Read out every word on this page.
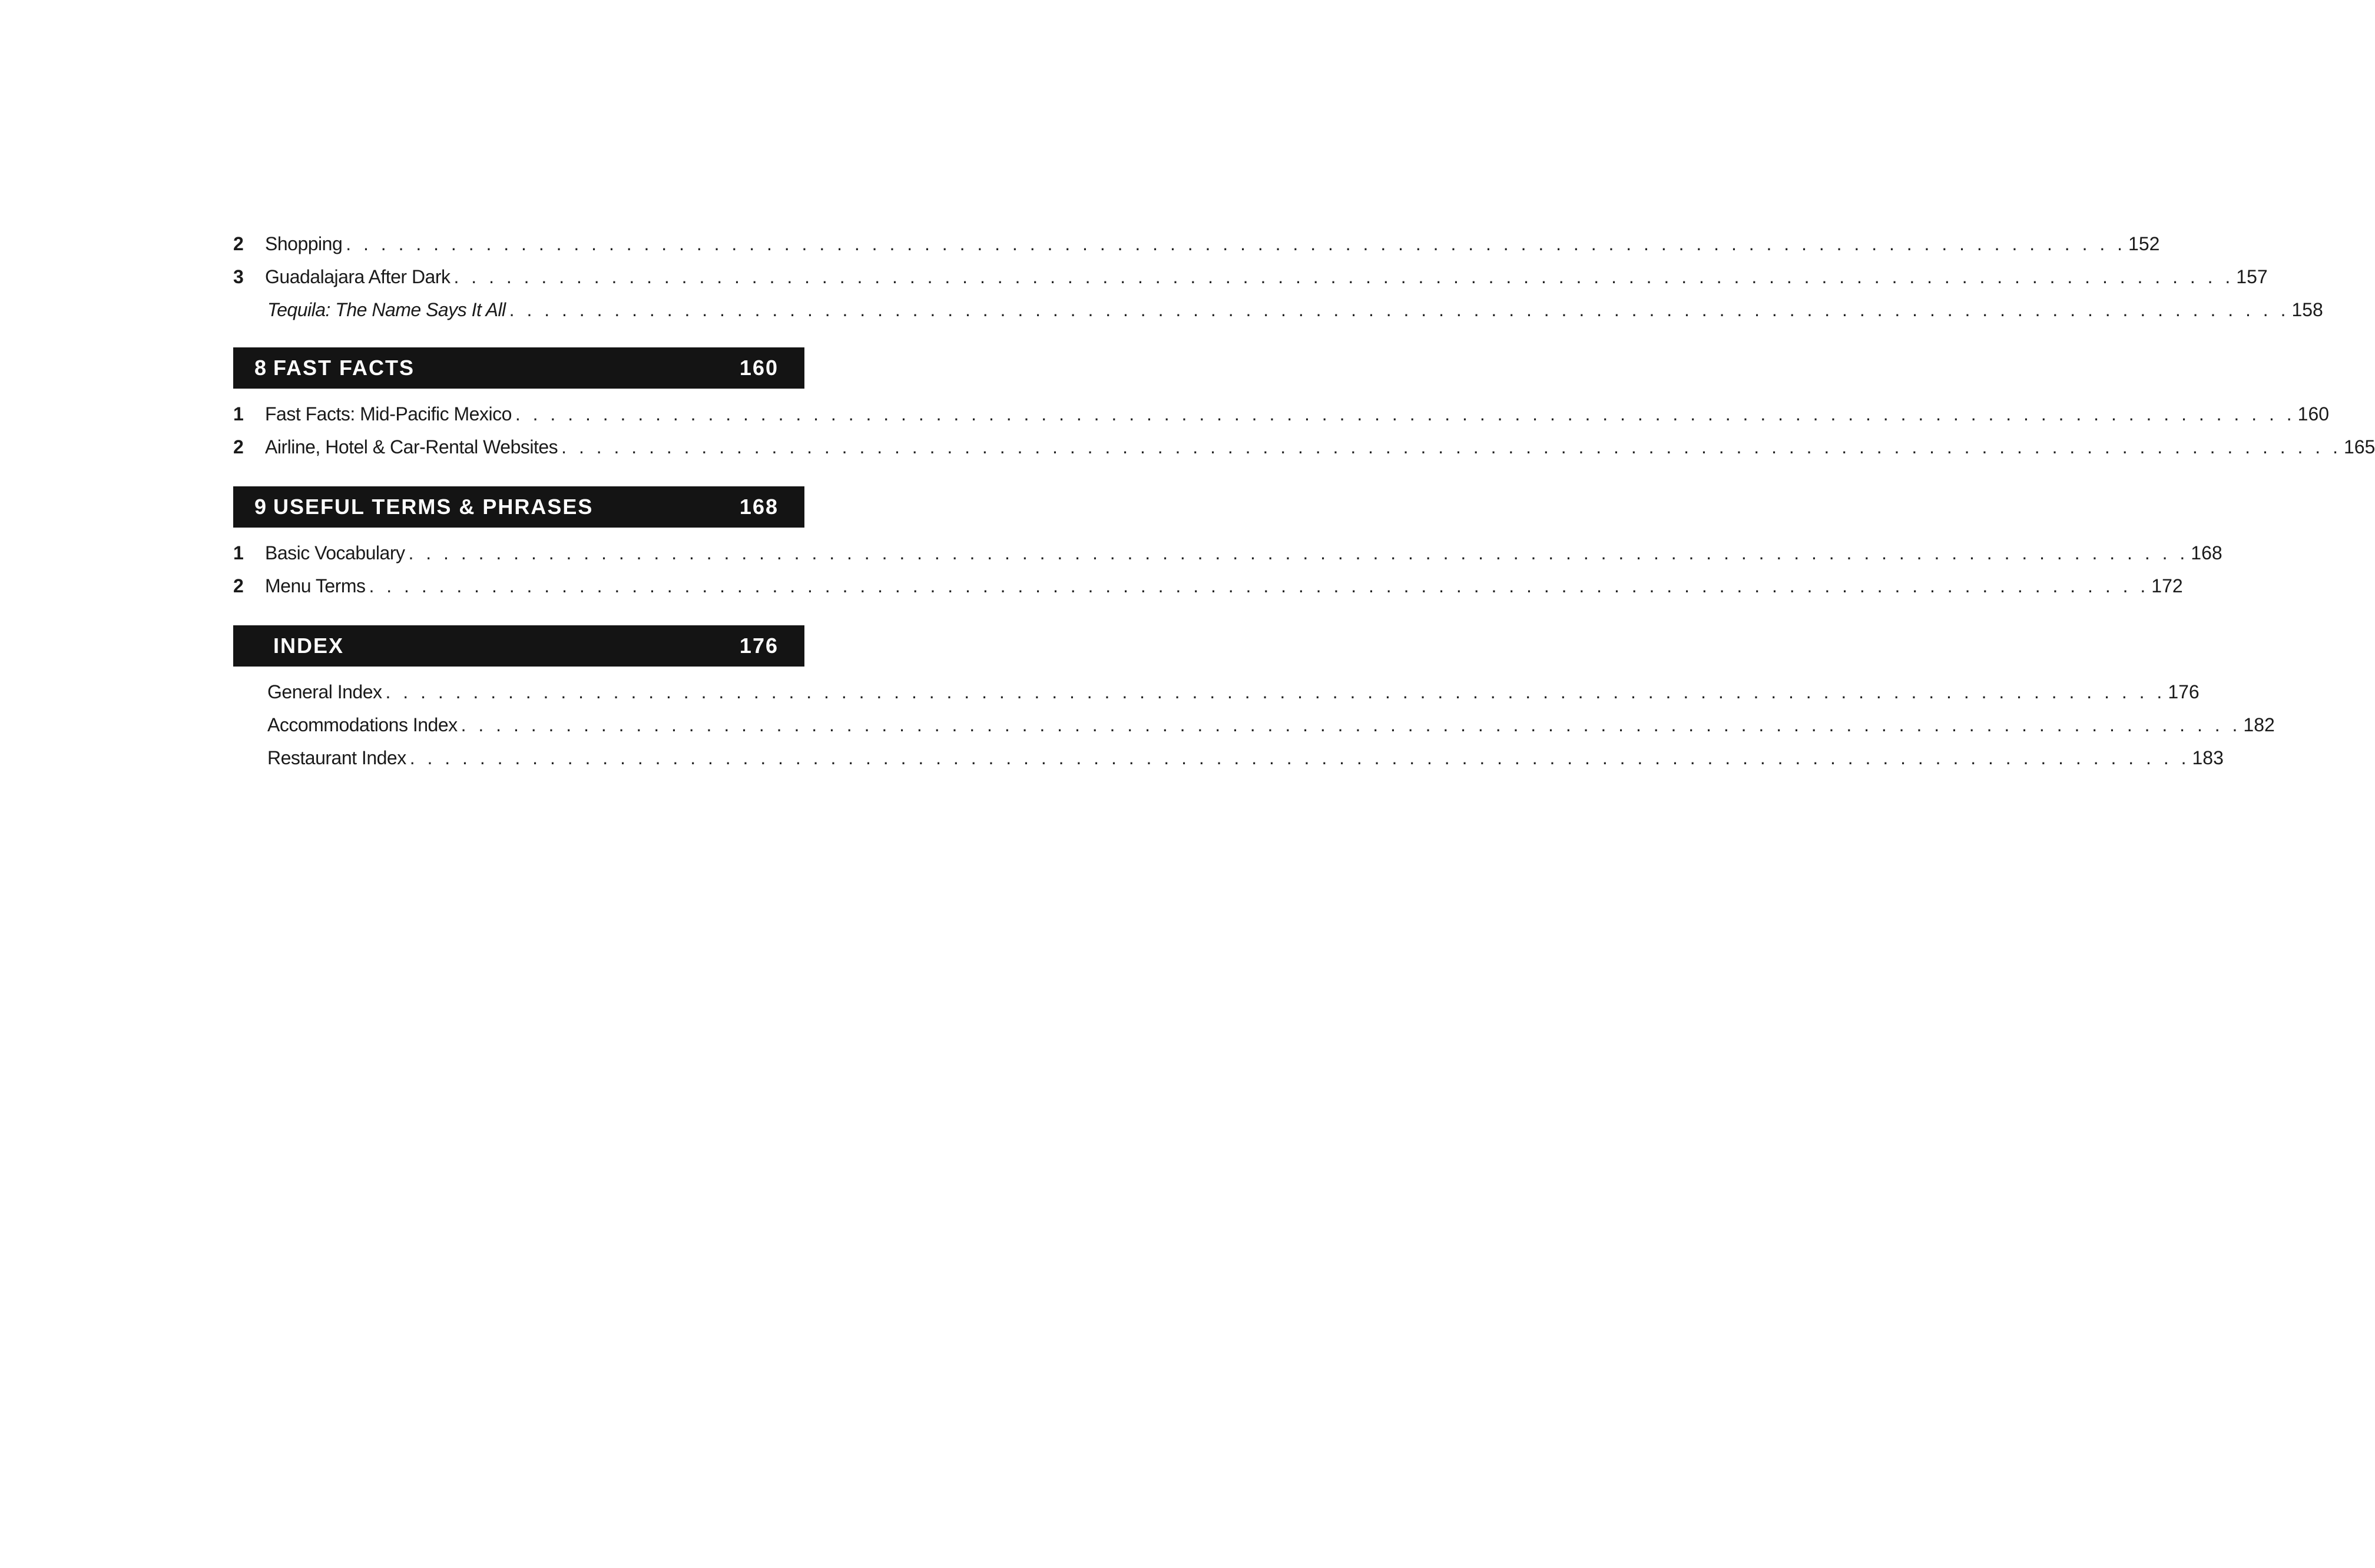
2	Shopping . . . . . . . . . . . . . . . . . . . . . . . . . . . . . . . . . . . . . . . . . . . . . . . . . . . . . . . . . . . . . . . . . . . . . . . . . . . . . . . . . . . . . . . . . . . . . . . . . . . . . . 152
3	Guadalajara After Dark . . . . . . . . . . . . . . . . . . . . . . . . . . . . . . . . . . . . . . . . . . . . . . . . . . . . . . . . . . . . . . . . . . . . . . . . . . . . . . . . . . . . . . . . . . . . . . . . . . . . . . 157
Tequila: The Name Says It All . . . . . . . . . . . . . . . . . . . . . . . . . . . . . . . . . . . . . . . . . . . . . . . . . . . . . . . . . . . . . . . . . . . . . . . . . . . . . . . . . . . . . . . . . . . . . . . . . . . . . . 158
8 FAST FACTS	160
1	Fast Facts: Mid-Pacific Mexico . . . . . . . . . . . . . . . . . . . . . . . . . . . . . . . . . . . . . . . . . . . . . . . . . . . . . . . . . . . . . . . . . . . . . . . . . . . . . . . . . . . . . . . . . . . . . . . . . . . . . . 160
2	Airline, Hotel & Car-Rental Websites . . . . . . . . . . . . . . . . . . . . . . . . . . . . . . . . . . . . . . . . . . . . . . . . . . . . . . . . . . . . . . . . . . . . . . . . . . . . . . . . . . . . . . . . . . . . . . . . . . . . . . 165
9 USEFUL TERMS & PHRASES	168
1	Basic Vocabulary . . . . . . . . . . . . . . . . . . . . . . . . . . . . . . . . . . . . . . . . . . . . . . . . . . . . . . . . . . . . . . . . . . . . . . . . . . . . . . . . . . . . . . . . . . . . . . . . . . . . . . 168
2	Menu Terms . . . . . . . . . . . . . . . . . . . . . . . . . . . . . . . . . . . . . . . . . . . . . . . . . . . . . . . . . . . . . . . . . . . . . . . . . . . . . . . . . . . . . . . . . . . . . . . . . . . . . . 172
INDEX	176
General Index . . . . . . . . . . . . . . . . . . . . . . . . . . . . . . . . . . . . . . . . . . . . . . . . . . . . . . . . . . . . . . . . . . . . . . . . . . . . . . . . . . . . . . . . . . . . . . . . . . . . . . 176
Accommodations Index . . . . . . . . . . . . . . . . . . . . . . . . . . . . . . . . . . . . . . . . . . . . . . . . . . . . . . . . . . . . . . . . . . . . . . . . . . . . . . . . . . . . . . . . . . . . . . . . . . . . . . 182
Restaurant Index . . . . . . . . . . . . . . . . . . . . . . . . . . . . . . . . . . . . . . . . . . . . . . . . . . . . . . . . . . . . . . . . . . . . . . . . . . . . . . . . . . . . . . . . . . . . . . . . . . . . . . 183
